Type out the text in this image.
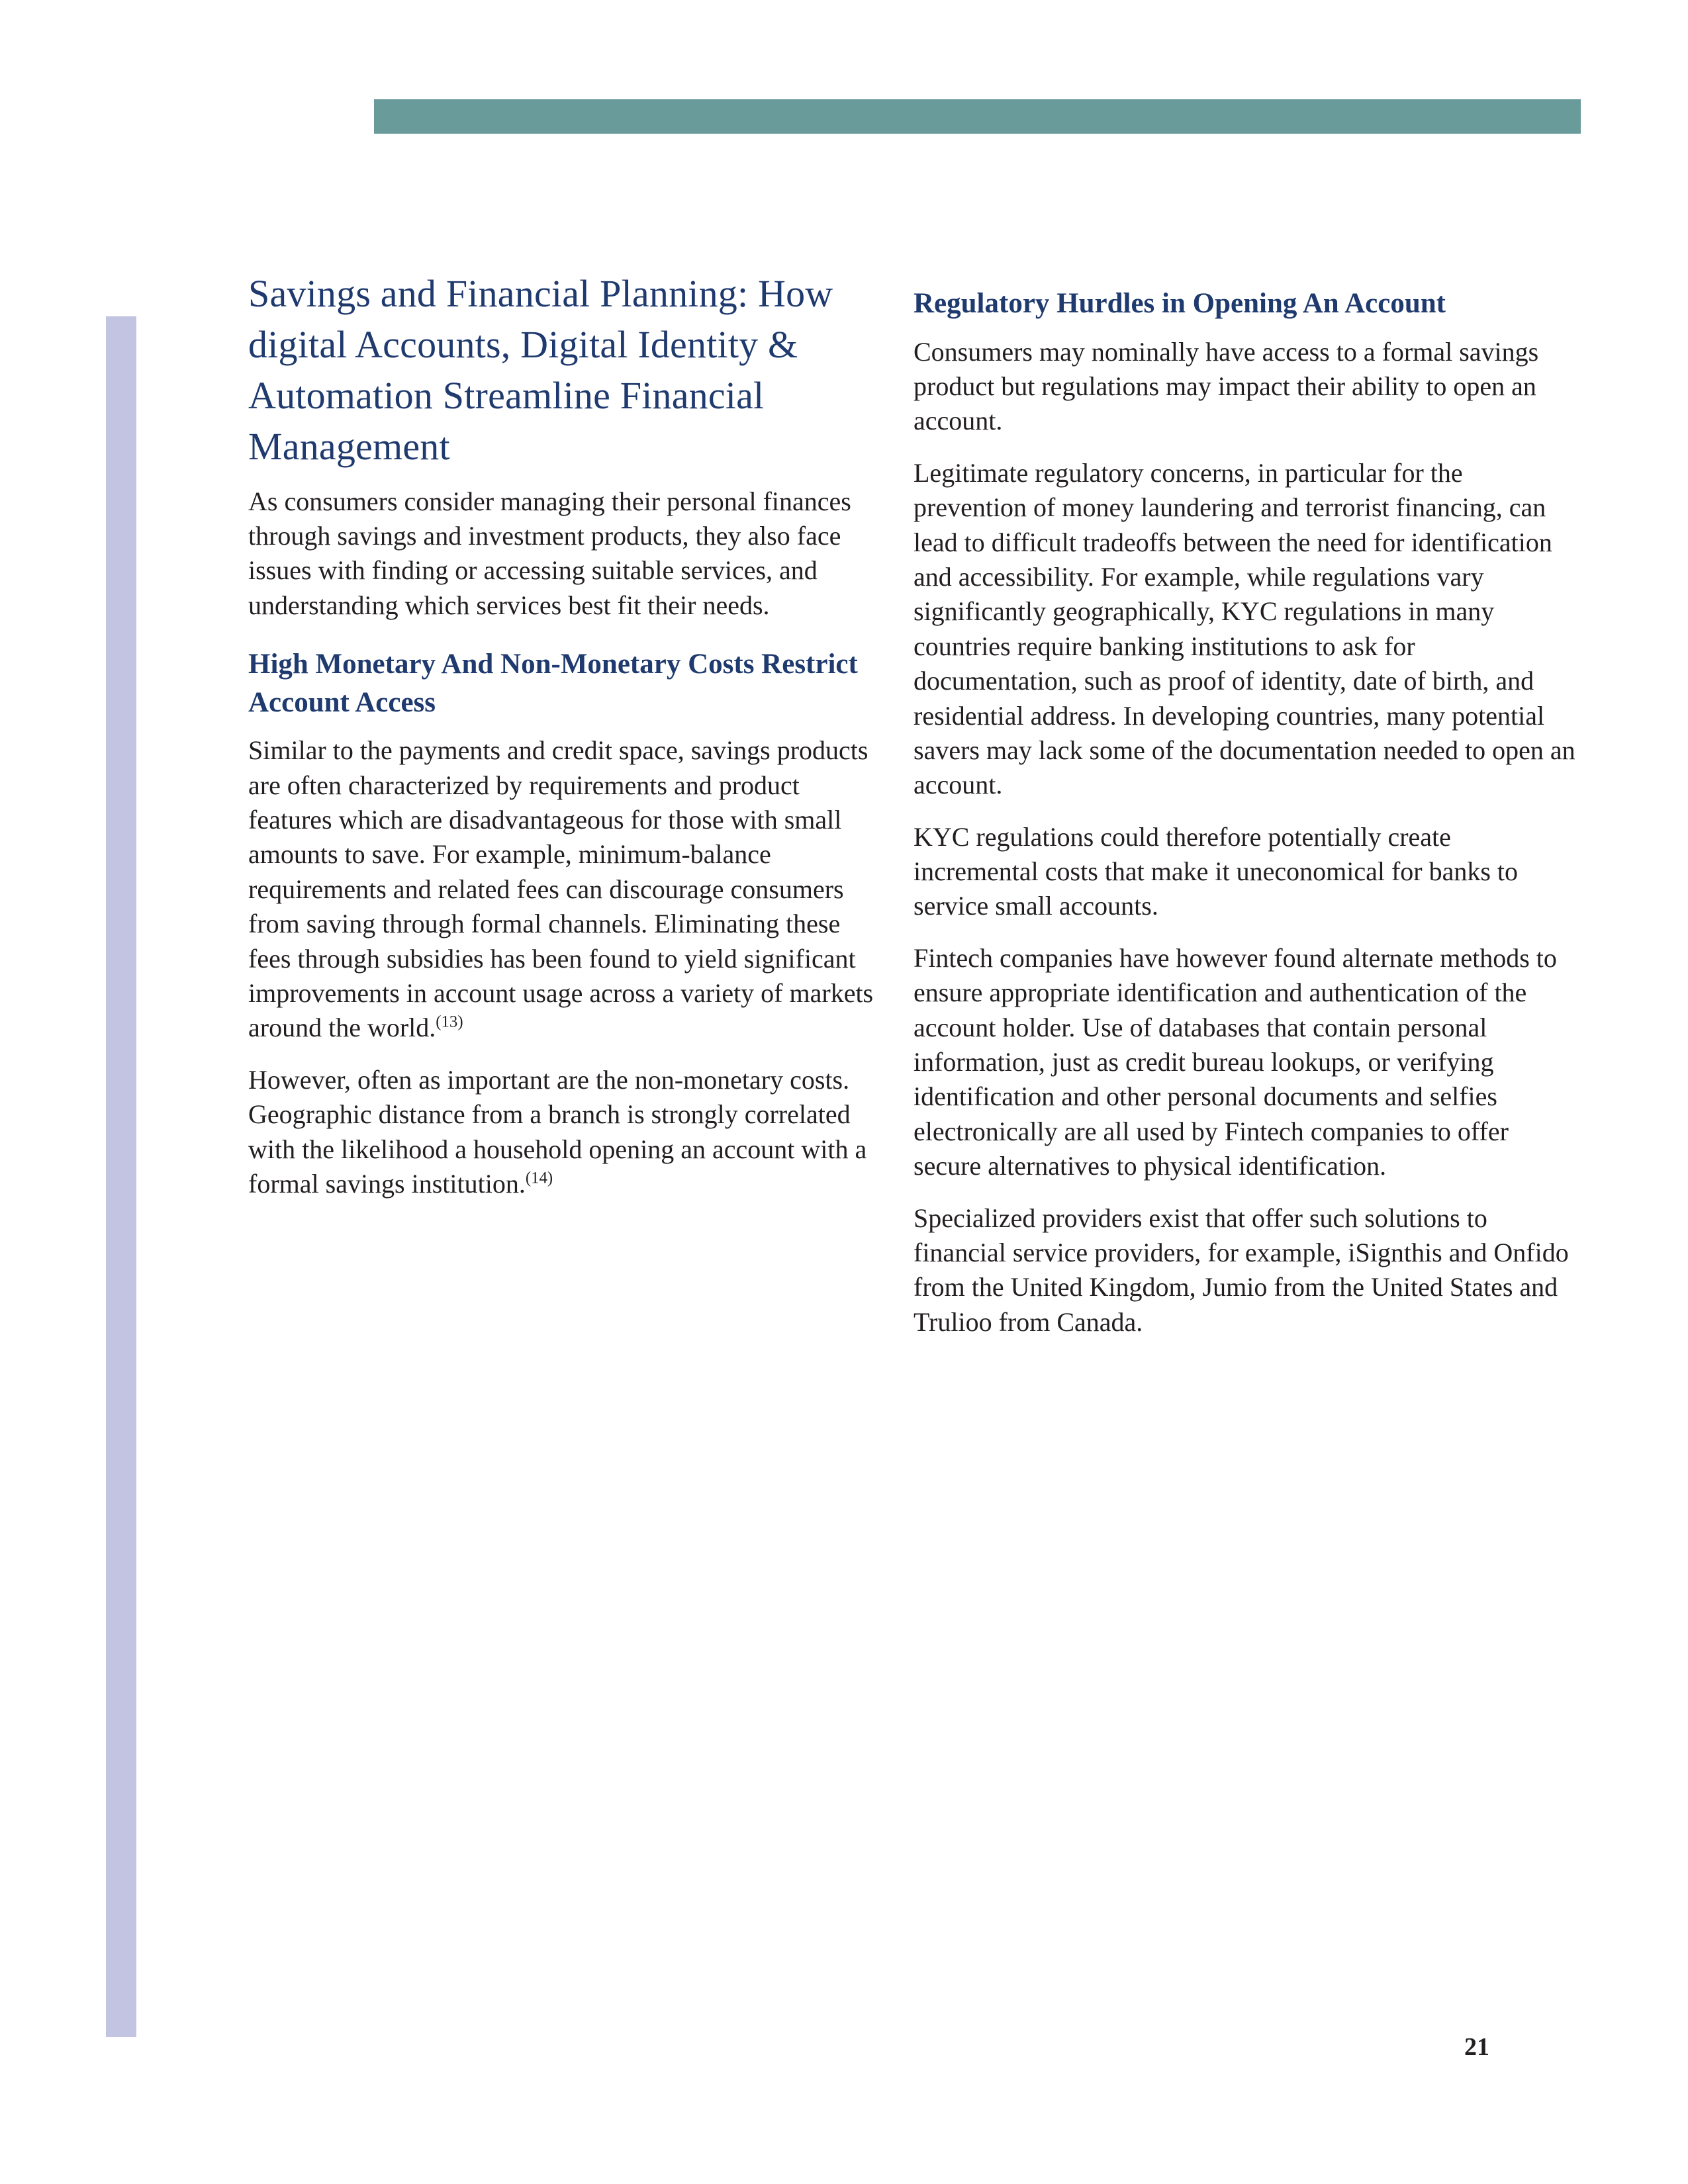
Savings and Financial Planning: How digital Accounts, Digital Identity & Automation Streamline Financial Management

As consumers consider managing their personal finances through savings and investment products, they also face issues with finding or accessing suitable services, and understanding which services best fit their needs.

High Monetary And Non-Monetary Costs Restrict Account Access

Similar to the payments and credit space, savings products are often characterized by requirements and product features which are disadvantageous for those with small amounts to save. For example, minimum-balance requirements and related fees can discourage consumers from saving through formal channels. Eliminating these fees through subsidies has been found to yield significant improvements in account usage across a variety of markets around the world.$^{(13)}$

However, often as important are the non-monetary costs. Geographic distance from a branch is strongly correlated with the likelihood a household opening an account with a formal savings institution.$^{(14)}$

Regulatory Hurdles in Opening An Account

Consumers may nominally have access to a formal savings product but regulations may impact their ability to open an account.

Legitimate regulatory concerns, in particular for the prevention of money laundering and terrorist financing, can lead to difficult tradeoffs between the need for identification and accessibility. For example, while regulations vary significantly geographically, KYC regulations in many countries require banking institutions to ask for documentation, such as proof of identity, date of birth, and residential address. In developing countries, many potential savers may lack some of the documentation needed to open an account.

KYC regulations could therefore potentially create incremental costs that make it uneconomical for banks to service small accounts.

Fintech companies have however found alternate methods to ensure appropriate identification and authentication of the account holder. Use of databases that contain personal information, just as credit bureau lookups, or verifying identification and other personal documents and selfies electronically are all used by Fintech companies to offer secure alternatives to physical identification.

Specialized providers exist that offer such solutions to financial service providers, for example, iSignthis and Onfido from the United Kingdom, Jumio from the United States and Trulioo from Canada.

21
